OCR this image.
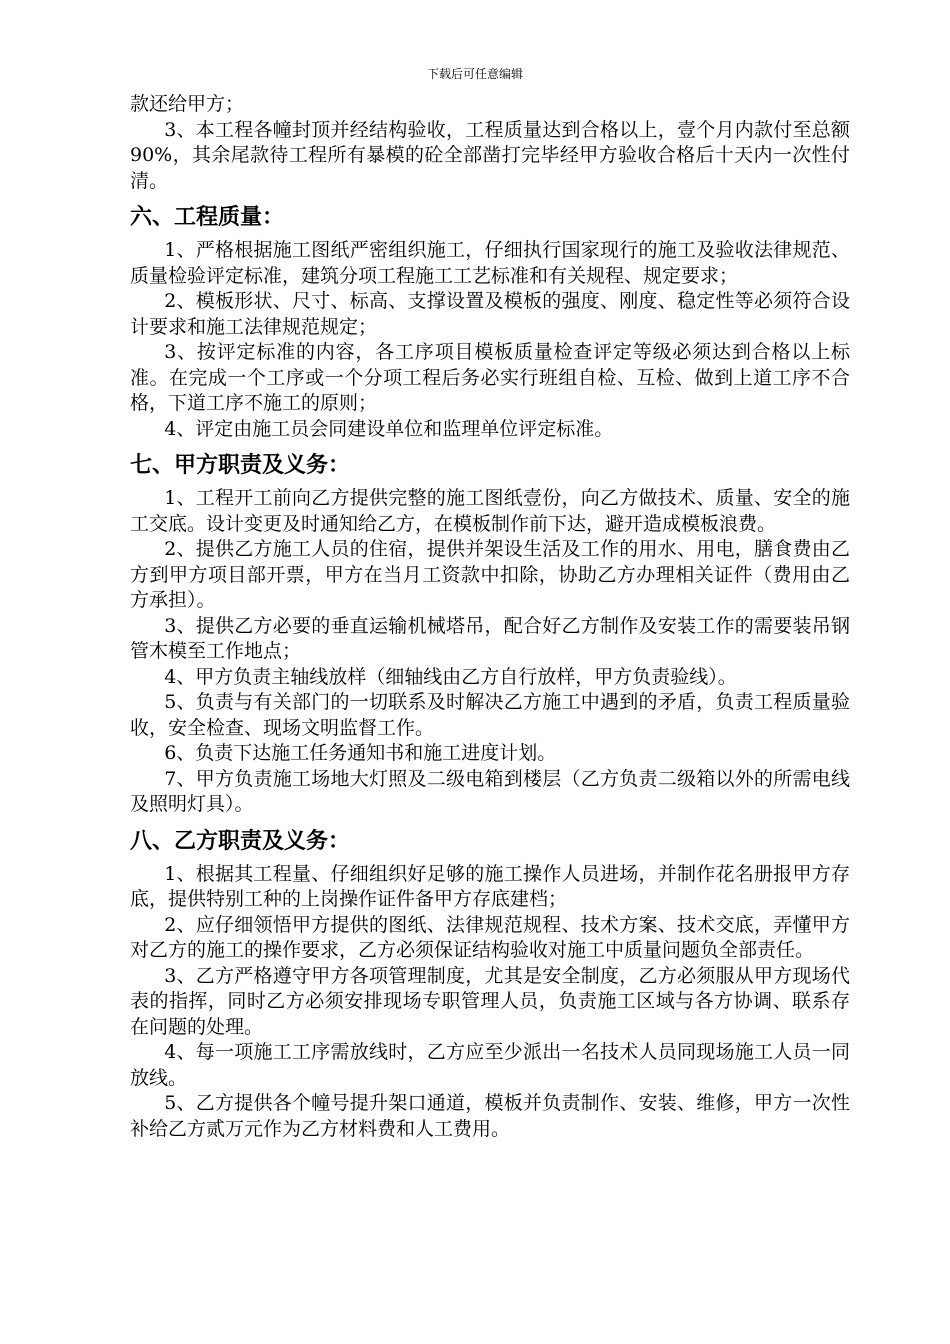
下载后可任意编辑

款还给甲方；

3、本工程各幢封顶并经结构验收，工程质量达到合格以上，壹个月内款付至总额90%，其余尾款待工程所有暴模的砼全部凿打完毕经甲方验收合格后十天内一次性付清。

六、工程质量：

1、严格根据施工图纸严密组织施工，仔细执行国家现行的施工及验收法律规范、质量检验评定标准，建筑分项工程施工工艺标准和有关规程、规定要求；

2、模板形状、尺寸、标高、支撑设置及模板的强度、刚度、稳定性等必须符合设计要求和施工法律规范规定；

3、按评定标准的内容，各工序项目模板质量检查评定等级必须达到合格以上标准。在完成一个工序或一个分项工程后务必实行班组自检、互检、做到上道工序不合格，下道工序不施工的原则；

4、评定由施工员会同建设单位和监理单位评定标准。

七、甲方职责及义务：

1、工程开工前向乙方提供完整的施工图纸壹份，向乙方做技术、质量、安全的施工交底。设计变更及时通知给乙方，在模板制作前下达，避开造成模板浪费。

2、提供乙方施工人员的住宿，提供并架设生活及工作的用水、用电，膳食费由乙方到甲方项目部开票，甲方在当月工资款中扣除，协助乙方办理相关证件（费用由乙方承担）。

3、提供乙方必要的垂直运输机械塔吊，配合好乙方制作及安装工作的需要装吊钢管木模至工作地点；

4、甲方负责主轴线放样（细轴线由乙方自行放样，甲方负责验线）。

5、负责与有关部门的一切联系及时解决乙方施工中遇到的矛盾，负责工程质量验收，安全检查、现场文明监督工作。

6、负责下达施工任务通知书和施工进度计划。

7、甲方负责施工场地大灯照及二级电箱到楼层（乙方负责二级箱以外的所需电线及照明灯具）。

八、乙方职责及义务：

1、根据其工程量、仔细组织好足够的施工操作人员进场，并制作花名册报甲方存底，提供特别工种的上岗操作证件备甲方存底建档；

2、应仔细领悟甲方提供的图纸、法律规范规程、技术方案、技术交底，弄懂甲方对乙方的施工的操作要求，乙方必须保证结构验收对施工中质量问题负全部责任。

3、乙方严格遵守甲方各项管理制度，尤其是安全制度，乙方必须服从甲方现场代表的指挥，同时乙方必须安排现场专职管理人员，负责施工区域与各方协调、联系存在问题的处理。

4、每一项施工工序需放线时，乙方应至少派出一名技术人员同现场施工人员一同放线。

5、乙方提供各个幢号提升架口通道，模板并负责制作、安装、维修，甲方一次性补给乙方贰万元作为乙方材料费和人工费用。
